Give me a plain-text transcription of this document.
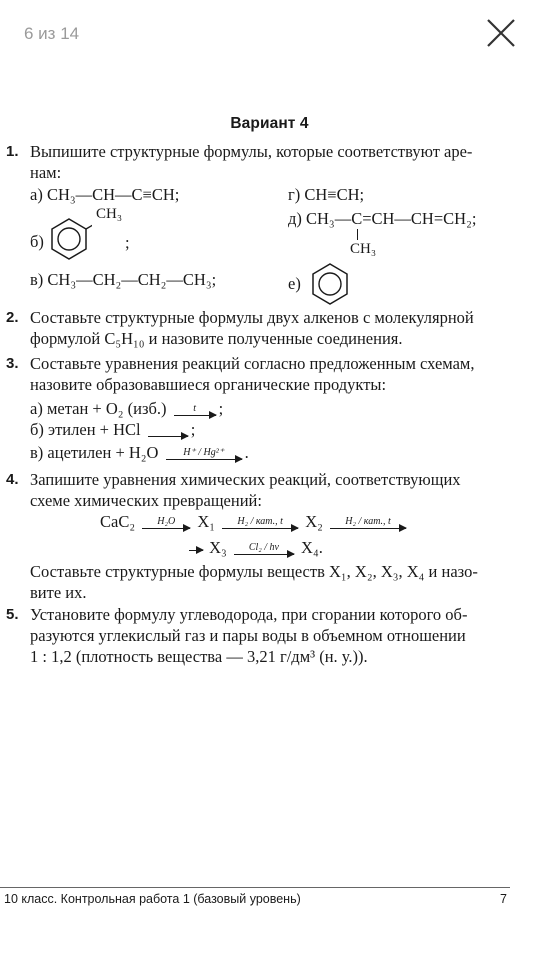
6 из 14
Вариант 4
1. Выпишите структурные формулы, которые соответствуют аре-
нам:
а) CH₃—CH—C≡CH;
CH₃
б)	;
в) CH₃—CH₂—CH₂—CH₃;
г) CH≡CH;
д) CH₃—C=CH—CH=CH₂;
CH₃
е)
2. Составьте структурные формулы двух алкенов с молекулярной
формулой C₅H₁₀ и назовите полученные соединения.
3. Составьте уравнения реакций согласно предложенным схемам,
назовите образовавшиеся органические продукты:
а) метан + O₂ (изб.)	t	;
б) этилен + HCl → ;
в) ацетилен + H₂O	H⁺ / Hg²⁺	.
4. Запишите уравнения химических реакций, соответствующих
схеме химических превращений:
CaC₂	H₂O	X₁	H₂ / кат., t	X₂	H₂ / кат., t
X₃	Cl₂ / hv	X₄.
Составьте структурные формулы веществ X₁, X₂, X₃, X₄ и назо-
вите их.
5. Установите формулу углеводорода, при сгорании которого об-
разуются углекислый газ и пары воды в объемном отношении
1 : 1,2 (плотность вещества — 3,21 г/дм³ (н. у.)).
10 класс. Контрольная работа 1 (базовый уровень)	7
